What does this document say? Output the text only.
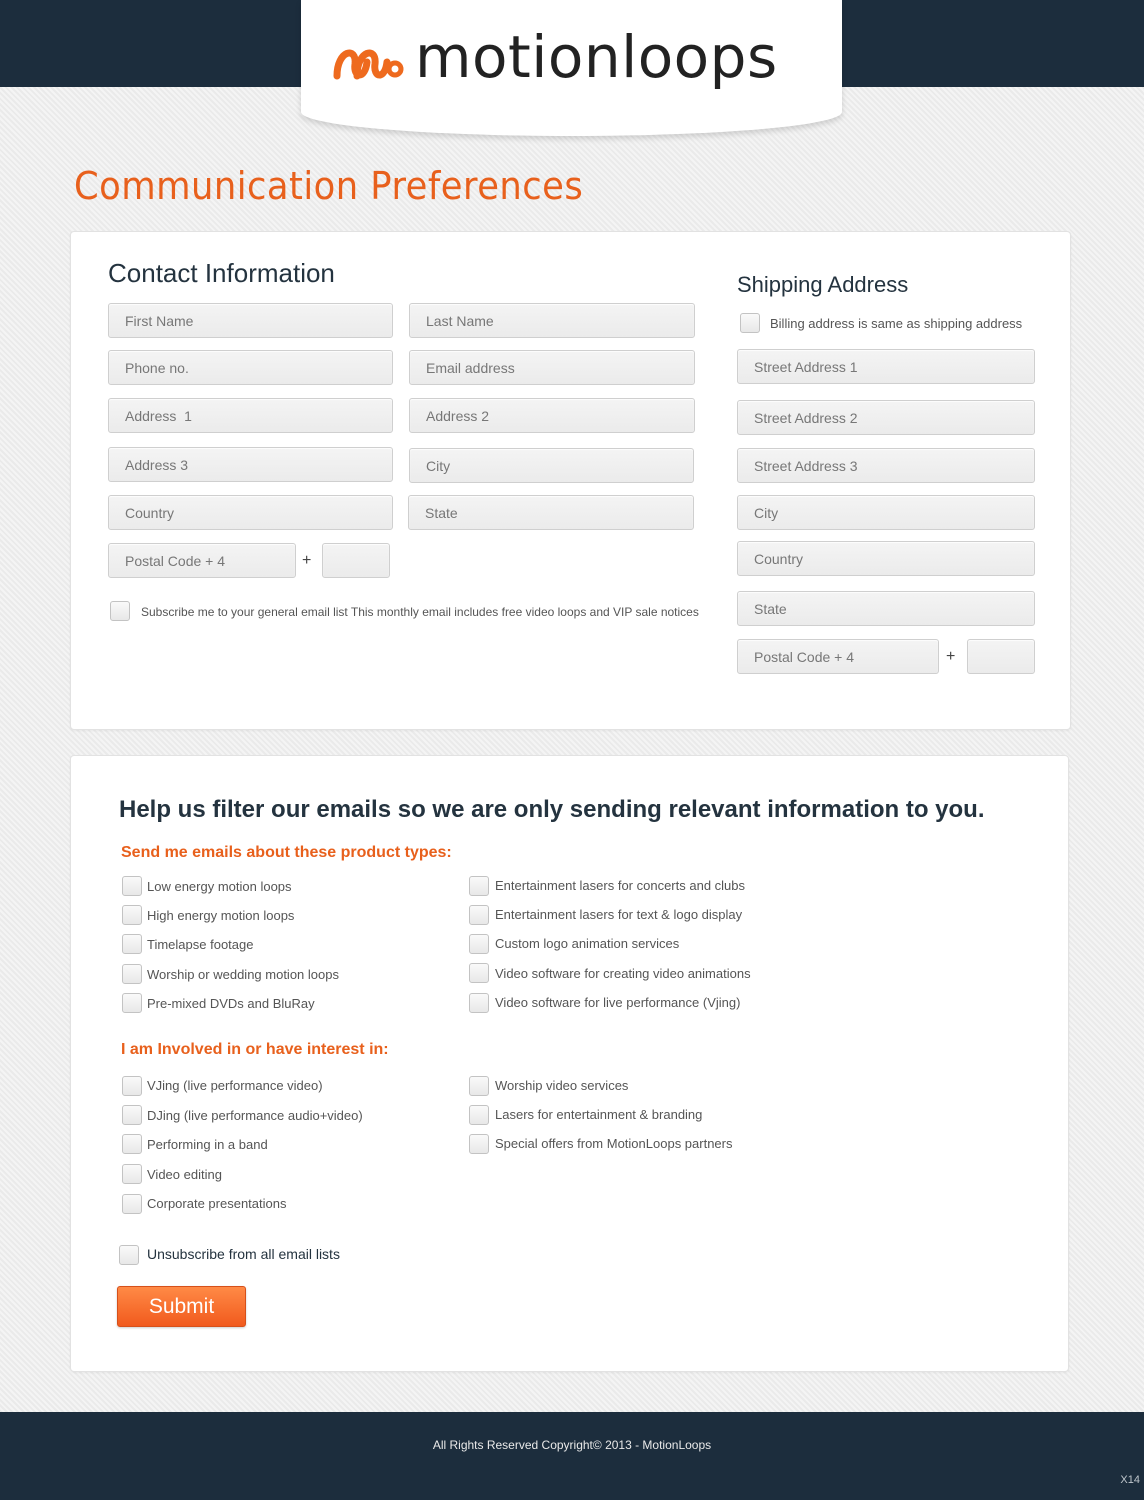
motionloops
Communication Preferences
Contact Information
First Name
Last Name
Phone no.
Email address
Address 1
Address 2
Address 3
City
Country
State
Postal Code + 4
+
Subscribe me to your general email list This monthly email includes free video loops and VIP sale notices
Shipping Address
Billing address is same as shipping address
Street Address 1
Street Address 2
Street Address 3
City
Country
State
Postal Code + 4
+
Help us filter our emails so we are only sending relevant information to you.
Send me emails about these product types:
Low energy motion loops
High energy motion loops
Timelapse footage
Worship or wedding motion loops
Pre-mixed DVDs and BluRay
Entertainment lasers for concerts and clubs
Entertainment lasers for text & logo display
Custom logo animation services
Video software for creating video animations
Video software for live performance (Vjing)
I am Involved in or have interest in:
VJing (live performance video)
DJing (live performance audio+video)
Performing in a band
Video editing
Corporate presentations
Worship video services
Lasers for entertainment & branding
Special offers from MotionLoops partners
Unsubscribe from all email lists
Submit
All Rights Reserved Copyright© 2013 - MotionLoops
X14
